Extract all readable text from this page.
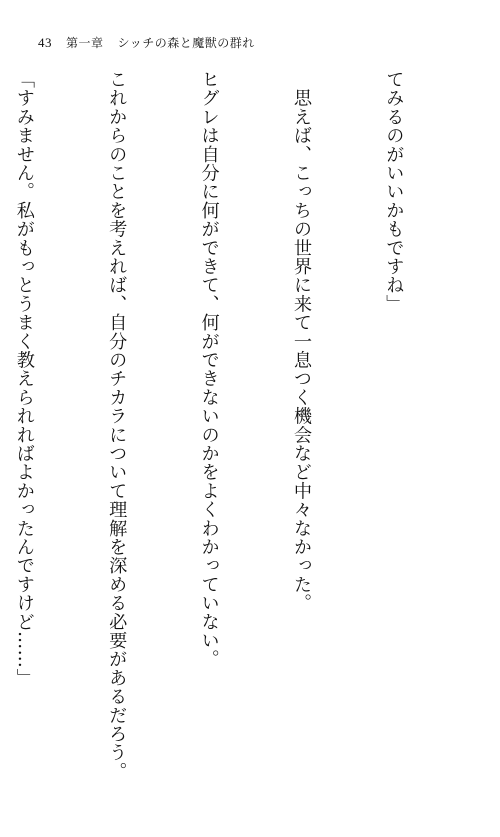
43 第一章 シッチの森と魔獣の群れ

てみるのがいいかもですね」

　思えば、こっちの世界に来て一息つく機会など中々なかった。

ヒグレは自分に何ができて、何ができないのかをよくわかっていない。

これからのことを考えれば、自分のチカラについて理解を深める必要があるだろう。

「すみません。私がもっとうまく教えられればよかったんですけど……」
